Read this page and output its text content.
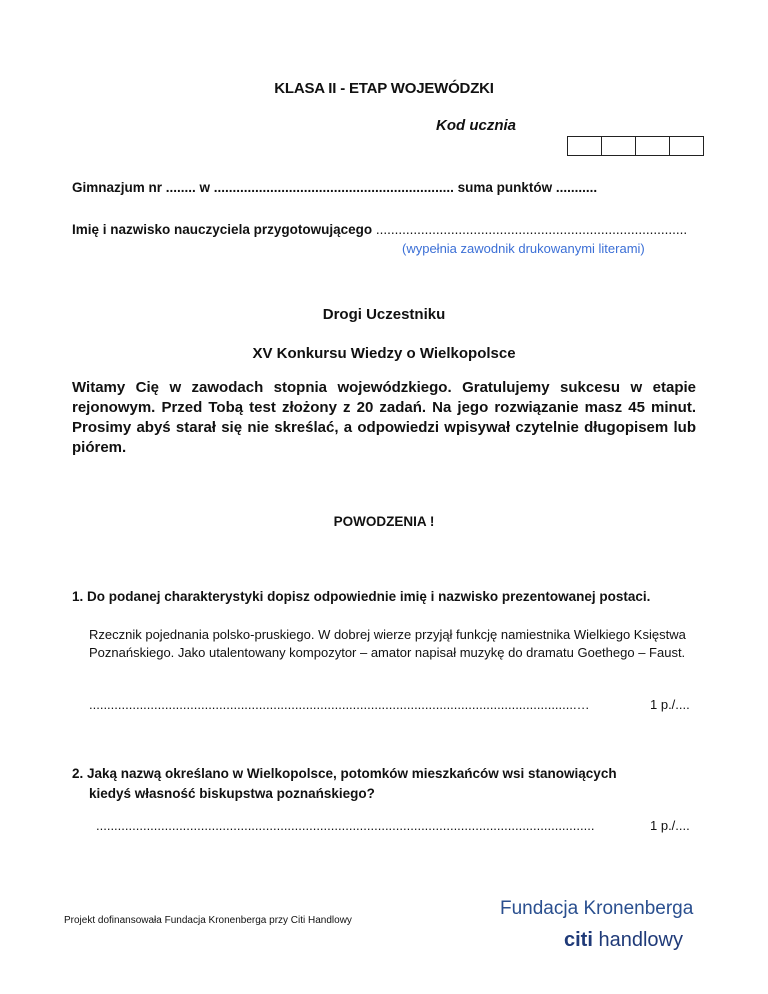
KLASA II - ETAP WOJEWÓDZKI
Kod ucznia
Gimnazjum nr ........ w ................................................................ suma punktów ...........
Imię i nazwisko nauczyciela przygotowującego ...................................................................................
(wypełnia zawodnik drukowanymi literami)
Drogi Uczestniku
XV Konkursu Wiedzy o Wielkopolsce
Witamy Cię w zawodach stopnia wojewódzkiego. Gratulujemy sukcesu w etapie rejonowym. Przed Tobą test złożony z 20 zadań. Na jego rozwiązanie masz 45 minut. Prosimy abyś starał się nie skreślać, a odpowiedzi wpisywał czytelnie długopisem lub piórem.
POWODZENIA !
1. Do podanej charakterystyki dopisz odpowiednie imię i nazwisko prezentowanej postaci.
Rzecznik pojednania polsko-pruskiego. W dobrej wierze przyjął funkcję namiestnika Wielkiego Księstwa Poznańskiego. Jako utalentowany kompozytor – amator napisał muzykę do dramatu Goethego – Faust.
.......................................................................................................................................…	1 p./....
2. Jaką nazwą określano w Wielkopolsce, potomków mieszkańców wsi stanowiących
kiedyś własność biskupstwa poznańskiego?
..........................................................................................................................................	1 p./....
Projekt dofinansowała Fundacja Kronenberga przy Citi Handlowy
Fundacja Kronenberga
citi handlowy
